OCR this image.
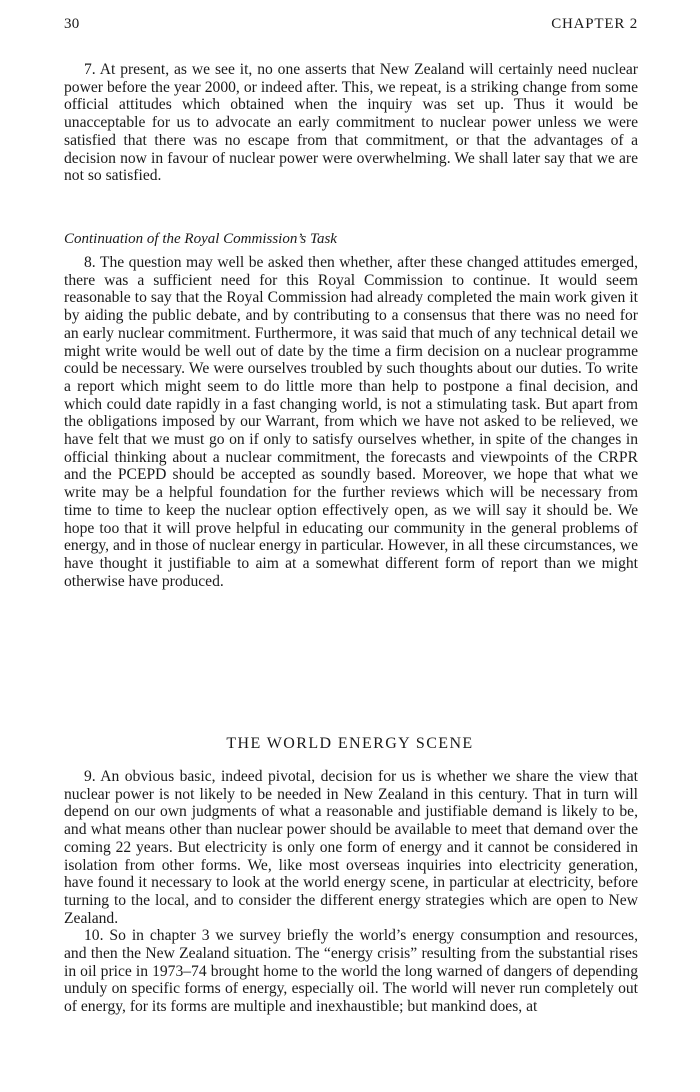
30	CHAPTER 2

7. At present, as we see it, no one asserts that New Zealand will certainly need nuclear power before the year 2000, or indeed after. This, we repeat, is a striking change from some official attitudes which obtained when the inquiry was set up. Thus it would be unacceptable for us to advocate an early commitment to nuclear power unless we were satisfied that there was no escape from that commitment, or that the advantages of a decision now in favour of nuclear power were overwhelming. We shall later say that we are not so satisfied.

Continuation of the Royal Commission’s Task

8. The question may well be asked then whether, after these changed attitudes emerged, there was a sufficient need for this Royal Commission to continue. It would seem reasonable to say that the Royal Commission had already completed the main work given it by aiding the public debate, and by contributing to a consensus that there was no need for an early nuclear commitment. Furthermore, it was said that much of any technical detail we might write would be well out of date by the time a firm decision on a nuclear programme could be necessary. We were ourselves troubled by such thoughts about our duties. To write a report which might seem to do little more than help to postpone a final decision, and which could date rapidly in a fast changing world, is not a stimulating task. But apart from the obligations imposed by our Warrant, from which we have not asked to be relieved, we have felt that we must go on if only to satisfy ourselves whether, in spite of the changes in official thinking about a nuclear commitment, the forecasts and viewpoints of the CRPR and the PCEPD should be accepted as soundly based. Moreover, we hope that what we write may be a helpful foundation for the further reviews which will be necessary from time to time to keep the nuclear option effectively open, as we will say it should be. We hope too that it will prove helpful in educating our community in the general problems of energy, and in those of nuclear energy in particular. However, in all these circumstances, we have thought it justifiable to aim at a somewhat different form of report than we might otherwise have produced.

THE WORLD ENERGY SCENE

9. An obvious basic, indeed pivotal, decision for us is whether we share the view that nuclear power is not likely to be needed in New Zealand in this century. That in turn will depend on our own judgments of what a reasonable and justifiable demand is likely to be, and what means other than nuclear power should be available to meet that demand over the coming 22 years. But electricity is only one form of energy and it cannot be considered in isolation from other forms. We, like most overseas inquiries into electricity generation, have found it necessary to look at the world energy scene, in particular at electricity, before turning to the local, and to consider the different energy strategies which are open to New Zealand.

10. So in chapter 3 we survey briefly the world’s energy consumption and resources, and then the New Zealand situation. The “energy crisis” resulting from the substantial rises in oil price in 1973–74 brought home to the world the long warned of dangers of depending unduly on specific forms of energy, especially oil. The world will never run completely out of energy, for its forms are multiple and inexhaustible; but mankind does, at
